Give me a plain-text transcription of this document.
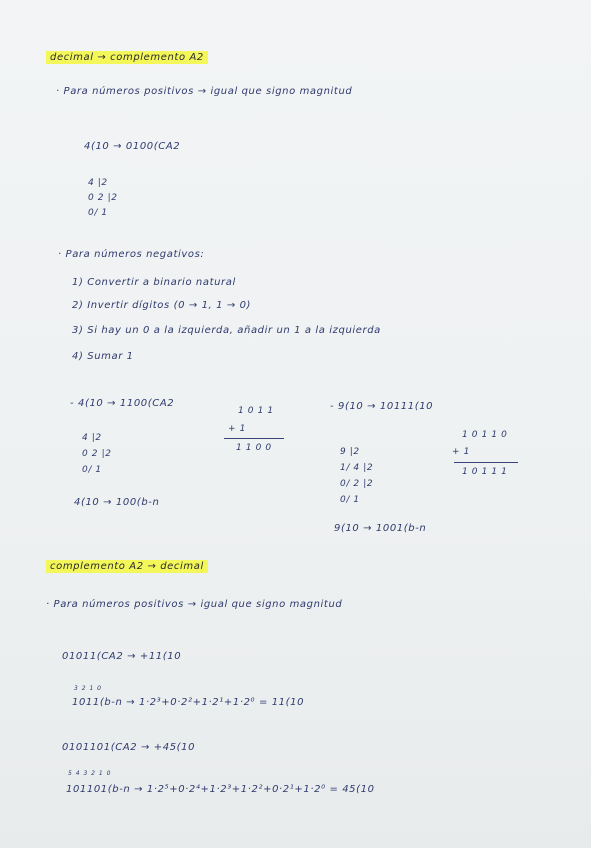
decimal → complemento A2
· Para números positivos → igual que signo magnitud
4(10 → 0100(CA2
4 |2
0 2 |2
0/ 1
· Para números negativos:
1) Convertir a binario natural
2) Invertir dígitos (0 → 1, 1 → 0)
3) Si hay un 0 a la izquierda, añadir un 1 a la izquierda
4) Sumar 1
- 4(10 → 1100(CA2
1 0 1 1
+ 1
1 1 0 0
4 |2
0 2 |2
0/ 1
4(10 → 100(b-n
- 9(10 → 10111(10
1 0 1 1 0
+ 1
1 0 1 1 1
9 |2
1/ 4 |2
0/ 2 |2
0/ 1
9(10 → 1001(b-n
complemento A2 → decimal
· Para números positivos → igual que signo magnitud
01011(CA2 → +11(10
3 2 1 0
1011(b-n → 1·2³+0·2²+1·2¹+1·2⁰ = 11(10
0101101(CA2 → +45(10
5 4 3 2 1 0
101101(b-n → 1·2⁵+0·2⁴+1·2³+1·2²+0·2¹+1·2⁰ = 45(10
